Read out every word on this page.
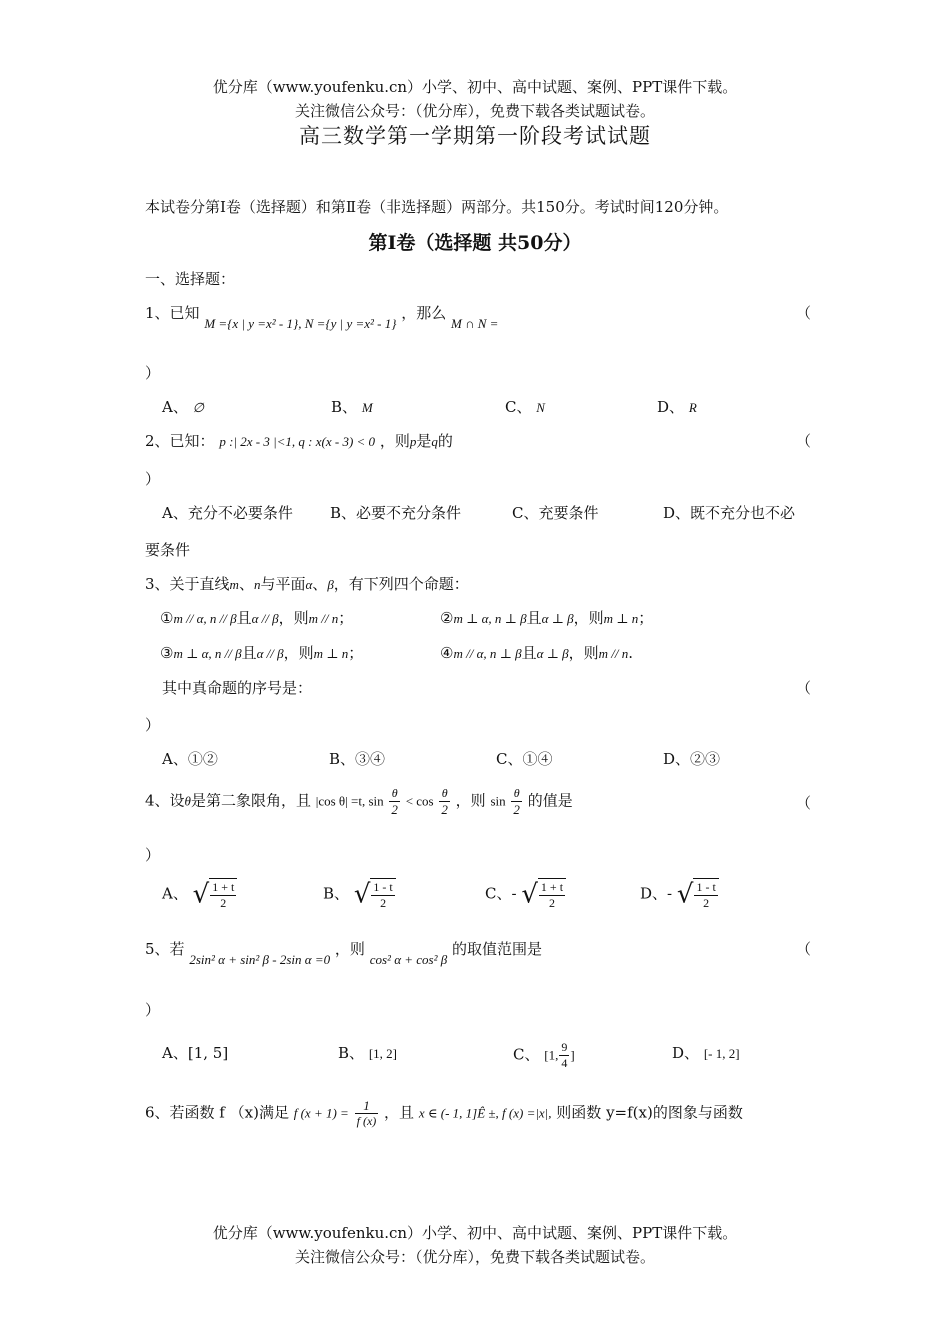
优分库（www.youfenku.cn）小学、初中、高中试题、案例、PPT课件下载。
关注微信公众号：（优分库），免费下载各类试题试卷。
高三数学第一学期第一阶段考试试题
本试卷分第Ⅰ卷（选择题）和第Ⅱ卷（非选择题）两部分。共150分。考试时间120分钟。
第Ⅰ卷（选择题 共50分）
一、选择题：
1、已知 M ={x | y =x² - 1}, N ={y | y =x² - 1} ，那么 M ∩ N =
（
）
A、 ∅	B、 M	C、 N	D、 R
2、已知： p :| 2x - 3 |<1, q : x(x - 3) < 0 ，则p是q的	（
）
A、充分不必要条件 B、必要不充分条件	C、充要条件	D、既不充分也不必
要条件
3、关于直线m、n与平面α、β，有下列四个命题：
①m // α, n // β且α // β，则m // n；	②m ⊥ α, n ⊥ β且α ⊥ β，则m ⊥ n；
③m ⊥ α, n // β且α // β，则m ⊥ n；	④m // α, n ⊥ β且α ⊥ β，则m // n.
其中真命题的序号是：	（
）
A、①②	B、③④	C、①④	D、②③
4、设θ是第二象限角，且 |cos θ| =t, $\sin \frac{\theta}{2} < \cos \frac{\theta}{2}$ ，则 $\sin \frac{\theta}{2}$ 的值是	（
）
A、 √ $\frac{1 + t}{2}$	B、 √ $\frac{1 - t}{2}$	C、- √ $\frac{1 + t}{2}$	D、- √ $\frac{1 - t}{2}$
5、若 2sin² α + sin² β - 2sin α =0 ，则 cos² α + cos² β 的取值范围是	（
）
A、[1, 5]	B、 [1, 2]	C、 [1, $\frac{9}{4}$ ]	D、 [- 1, 2]
6、若函数 f （x)满足 f $(x + 1) = \frac{1}{f (x)}$ ，且 x ∈ (- 1, 1]Ê ±, f (x) =|x|, 则函数 y=f(x)的图象与函数
优分库（www.youfenku.cn）小学、初中、高中试题、案例、PPT课件下载。
关注微信公众号：（优分库），免费下载各类试题试卷。
